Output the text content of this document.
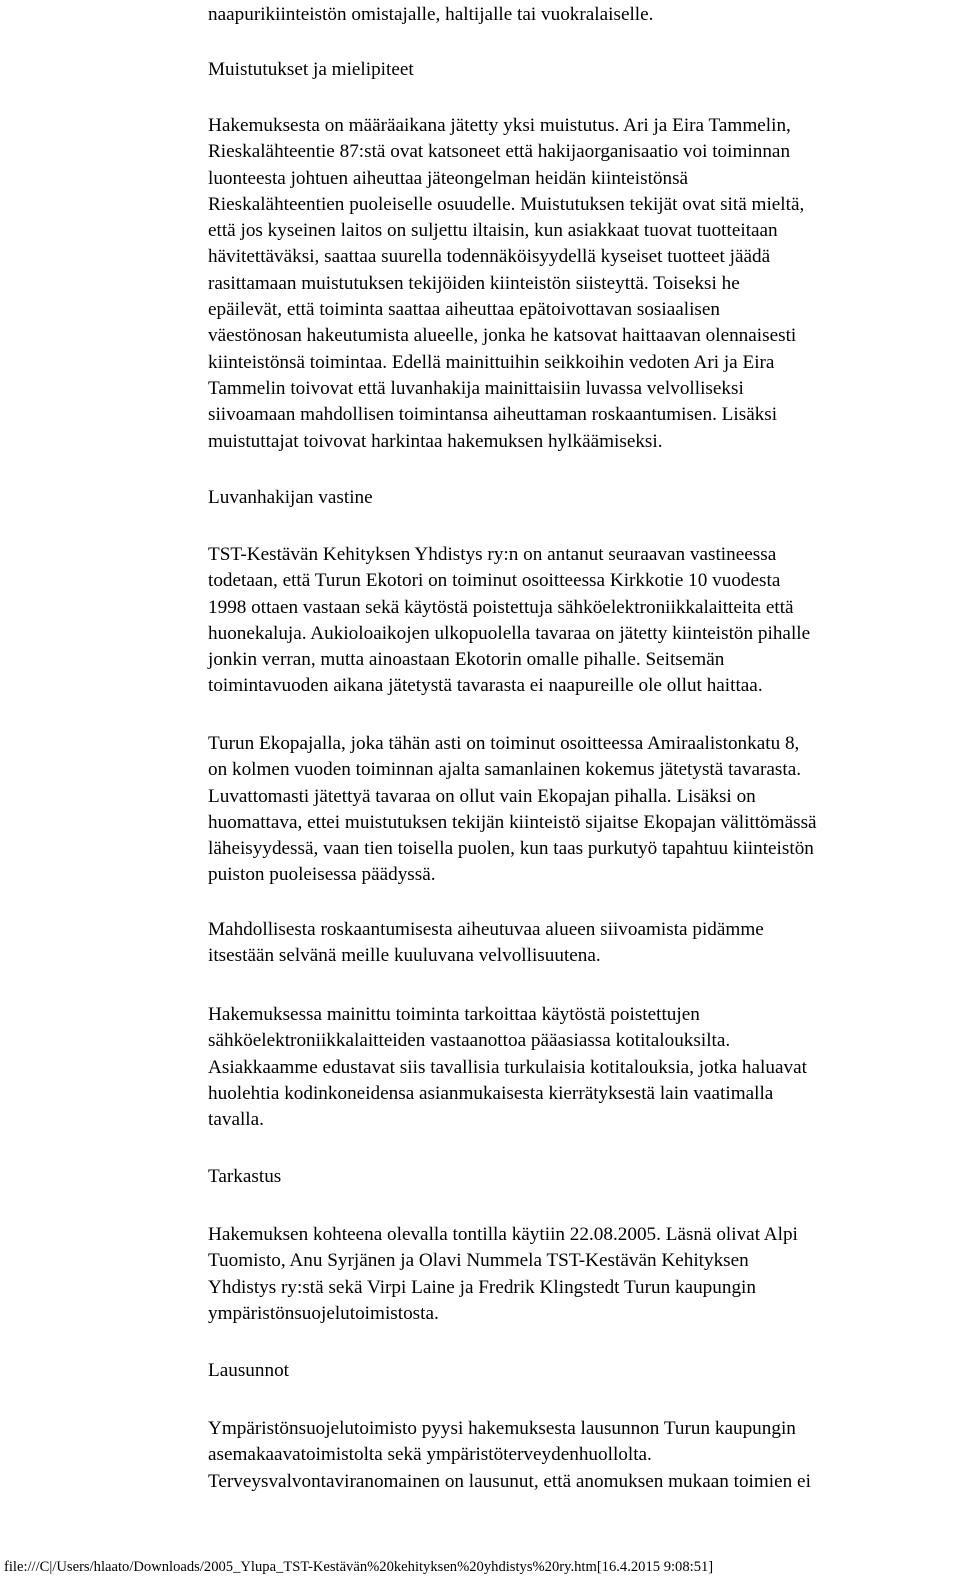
naapurikiinteistön omistajalle, haltijalle tai vuokralaiselle.
Muistutukset ja mielipiteet
Hakemuksesta on määräaikana jätetty yksi muistutus. Ari ja Eira Tammelin,
Rieskalähteentie 87:stä ovat katsoneet että hakijaorganisaatio voi toiminnan
luonteesta johtuen aiheuttaa jäteongelman heidän kiinteistönsä
Rieskalähteentien puoleiselle osuudelle. Muistutuksen tekijät ovat sitä mieltä,
että jos kyseinen laitos on suljettu iltaisin, kun asiakkaat tuovat tuotteitaan
hävitettäväksi, saattaa suurella todennäköisyydellä kyseiset tuotteet jäädä
rasittamaan muistutuksen tekijöiden kiinteistön siisteyttä. Toiseksi he
epäilevät, että toiminta saattaa aiheuttaa epätoivottavan sosiaalisen
väestönosan hakeutumista alueelle, jonka he katsovat haittaavan olennaisesti
kiinteistönsä toimintaa. Edellä mainittuihin seikkoihin vedoten Ari ja Eira
Tammelin toivovat että luvanhakija mainittaisiin luvassa velvolliseksi
siivoamaan mahdollisen toimintansa aiheuttaman roskaantumisen. Lisäksi
muistuttajat toivovat harkintaa hakemuksen hylkäämiseksi.
Luvanhakijan vastine
TST-Kestävän Kehityksen Yhdistys ry:n on antanut seuraavan vastineessa
todetaan, että Turun Ekotori on toiminut osoitteessa Kirkkotie 10 vuodesta
1998 ottaen vastaan sekä käytöstä poistettuja sähköelektroniikkalaitteita että
huonekaluja. Aukioloaikojen ulkopuolella tavaraa on jätetty kiinteistön pihalle
jonkin verran, mutta ainoastaan Ekotorin omalle pihalle. Seitsemän
toimintavuoden aikana jätetystä tavarasta ei naapureille ole ollut haittaa.
Turun Ekopajalla, joka tähän asti on toiminut osoitteessa Amiraalistonkatu 8,
on kolmen vuoden toiminnan ajalta samanlainen kokemus jätetystä tavarasta.
Luvattomasti jätettyä tavaraa on ollut vain Ekopajan pihalla. Lisäksi on
huomattava, ettei muistutuksen tekijän kiinteistö sijaitse Ekopajan välittömässä
läheisyydessä, vaan tien toisella puolen, kun taas purkutyö tapahtuu kiinteistön
puiston puoleisessa päädyssä.
Mahdollisesta roskaantumisesta aiheutuvaa alueen siivoamista pidämme
itsestään selvänä meille kuuluvana velvollisuutena.
Hakemuksessa mainittu toiminta tarkoittaa käytöstä poistettujen
sähköelektroniikkalaitteiden vastaanottoa pääasiassa kotitalouksilta.
Asiakkaamme edustavat siis tavallisia turkulaisia kotitalouksia, jotka haluavat
huolehtia kodinkoneidensa asianmukaisesta kierrätyksestä lain vaatimalla
tavalla.
Tarkastus
Hakemuksen kohteena olevalla tontilla käytiin 22.08.2005. Läsnä olivat Alpi
Tuomisto, Anu Syrjänen ja Olavi Nummela TST-Kestävän Kehityksen
Yhdistys ry:stä sekä Virpi Laine ja Fredrik Klingstedt Turun kaupungin
ympäristönsuojelutoimistosta.
Lausunnot
Ympäristönsuojelutoimisto pyysi hakemuksesta lausunnon Turun kaupungin
asemakaavatoimistolta sekä ympäristöterveydenhuollolta.
Terveysvalvontaviranomainen on lausunut, että anomuksen mukaan toimien ei
file:///C|/Users/hlaato/Downloads/2005_Ylupa_TST-Kestävän%20kehityksen%20yhdistys%20ry.htm[16.4.2015 9:08:51]
